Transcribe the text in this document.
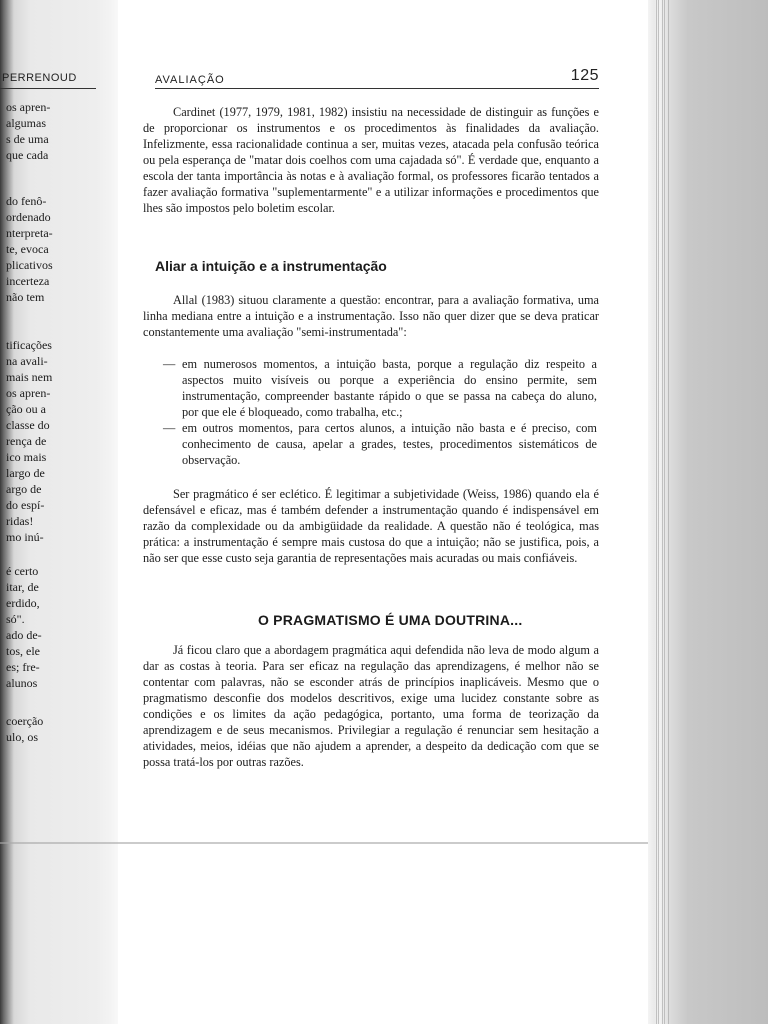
PERRENOUD
os apren-
algumas
s de uma
que cada
do fenô-
ordenado
nterpreta-
te, evoca
plicativos
incerteza
não tem
tificações
na avali-
mais nem
os apren-
ção ou a
classe do
rença de
ico mais
largo de
argo de
do espí-
ridas!
mo inú-
é certo
itar, de
erdido,
só".
ado de-
tos, ele
es; fre-
alunos
coerção
ulo, os
AVALIAÇÃO	125

Cardinet (1977, 1979, 1981, 1982) insistiu na necessidade de distinguir as funções e de proporcionar os instrumentos e os procedimentos às finalidades da avaliação. Infelizmente, essa racionalidade continua a ser, muitas vezes, atacada pela confusão teórica ou pela esperança de "matar dois coelhos com uma cajadada só". É verdade que, enquanto a escola der tanta importância às notas e à avaliação formal, os professores ficarão tentados a fazer avaliação formativa "suplementarmente" e a utilizar informações e procedimentos que lhes são impostos pelo boletim escolar.

Aliar a intuição e a instrumentação

Allal (1983) situou claramente a questão: encontrar, para a avaliação formativa, uma linha mediana entre a intuição e a instrumentação. Isso não quer dizer que se deva praticar constantemente uma avaliação "semi-instrumentada":

— em numerosos momentos, a intuição basta, porque a regulação diz respeito a aspectos muito visíveis ou porque a experiência do ensino permite, sem instrumentação, compreender bastante rápido o que se passa na cabeça do aluno, por que ele é bloqueado, como trabalha, etc.;
— em outros momentos, para certos alunos, a intuição não basta e é preciso, com conhecimento de causa, apelar a grades, testes, procedimentos sistemáticos de observação.

Ser pragmático é ser eclético. É legitimar a subjetividade (Weiss, 1986) quando ela é defensável e eficaz, mas é também defender a instrumentação quando é indispensável em razão da complexidade ou da ambigüidade da realidade. A questão não é teológica, mas prática: a instrumentação é sempre mais custosa do que a intuição; não se justifica, pois, a não ser que esse custo seja garantia de representações mais acuradas ou mais confiáveis.

O PRAGMATISMO É UMA DOUTRINA...

Já ficou claro que a abordagem pragmática aqui defendida não leva de modo algum a dar as costas à teoria. Para ser eficaz na regulação das aprendizagens, é melhor não se contentar com palavras, não se esconder atrás de princípios inaplicáveis. Mesmo que o pragmatismo desconfie dos modelos descritivos, exige uma lucidez constante sobre as condições e os limites da ação pedagógica, portanto, uma forma de teorização da aprendizagem e de seus mecanismos. Privilegiar a regulação é renunciar sem hesitação a atividades, meios, idéias que não ajudem a aprender, a despeito da dedicação com que se possa tratá-los por outras razões.
